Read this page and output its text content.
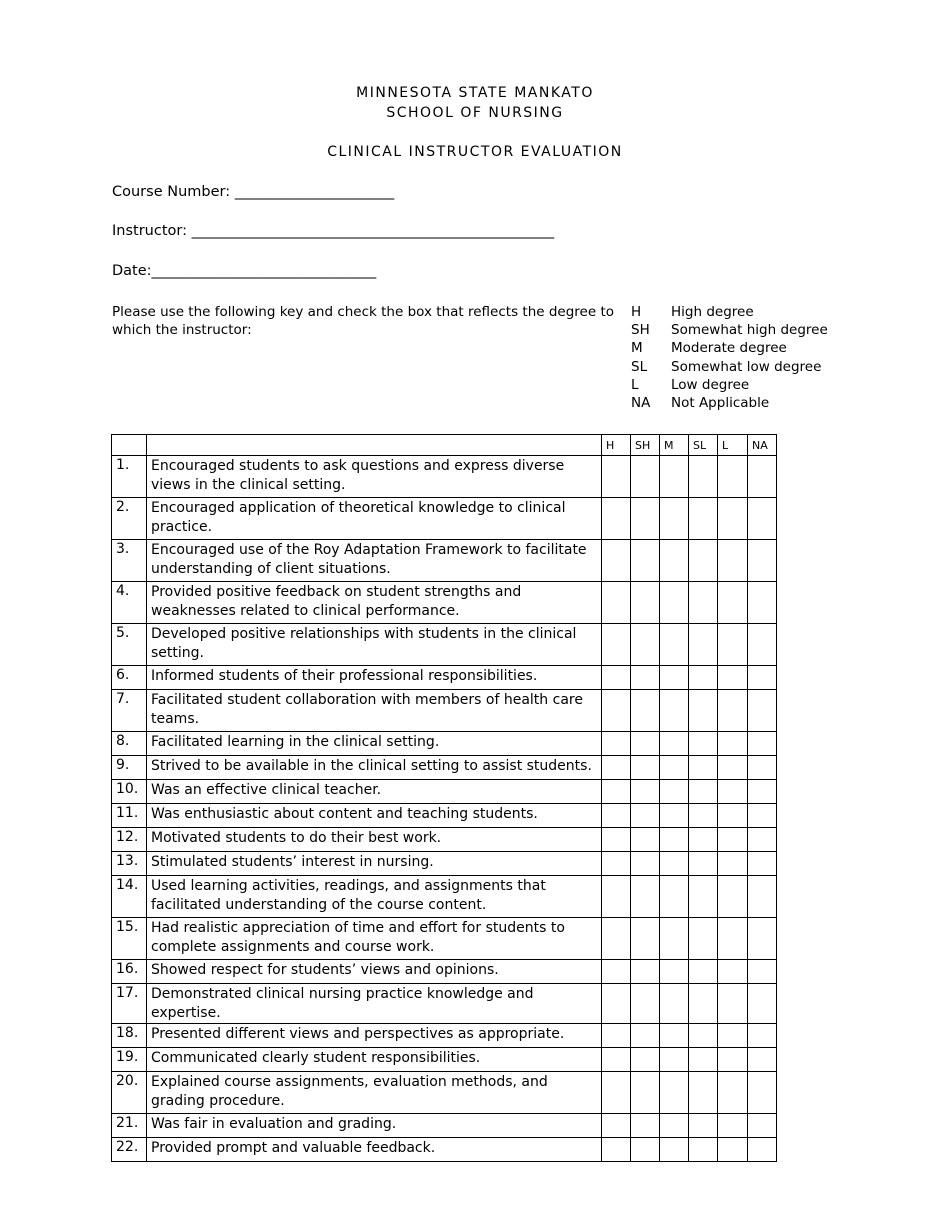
MINNESOTA STATE MANKATO
SCHOOL OF NURSING
CLINICAL INSTRUCTOR EVALUATION
Course Number: ______________________
Instructor: __________________________________________________
Date:_______________________________
Please use the following key and check the box that reflects the degree to which the instructor:
H	High degree
SH	Somewhat high degree
M	Moderate degree
SL	Somewhat low degree
L	Low degree
NA	Not Applicable
		H	SH	M	SL	L	NA
1.	Encouraged students to ask questions and express diverse views in the clinical setting.						
2.	Encouraged application of theoretical knowledge to clinical practice.						
3.	Encouraged use of the Roy Adaptation Framework to facilitate understanding of client situations.						
4.	Provided positive feedback on student strengths and weaknesses related to clinical performance.						
5.	Developed positive relationships with students in the clinical setting.						
6.	Informed students of their professional responsibilities.						
7.	Facilitated student collaboration with members of health care teams.						
8.	Facilitated learning in the clinical setting.						
9.	Strived to be available in the clinical setting to assist students.						
10.	Was an effective clinical teacher.						
11.	Was enthusiastic about content and teaching students.						
12.	Motivated students to do their best work.						
13.	Stimulated students’ interest in nursing.						
14.	Used learning activities, readings, and assignments that facilitated understanding of the course content.						
15.	Had realistic appreciation of time and effort for students to complete assignments and course work.						
16.	Showed respect for students’ views and opinions.						
17.	Demonstrated clinical nursing practice knowledge and expertise.						
18.	Presented different views and perspectives as appropriate.						
19.	Communicated clearly student responsibilities.						
20.	Explained course assignments, evaluation methods, and grading procedure.						
21.	Was fair in evaluation and grading.						
22.	Provided prompt and valuable feedback.						
